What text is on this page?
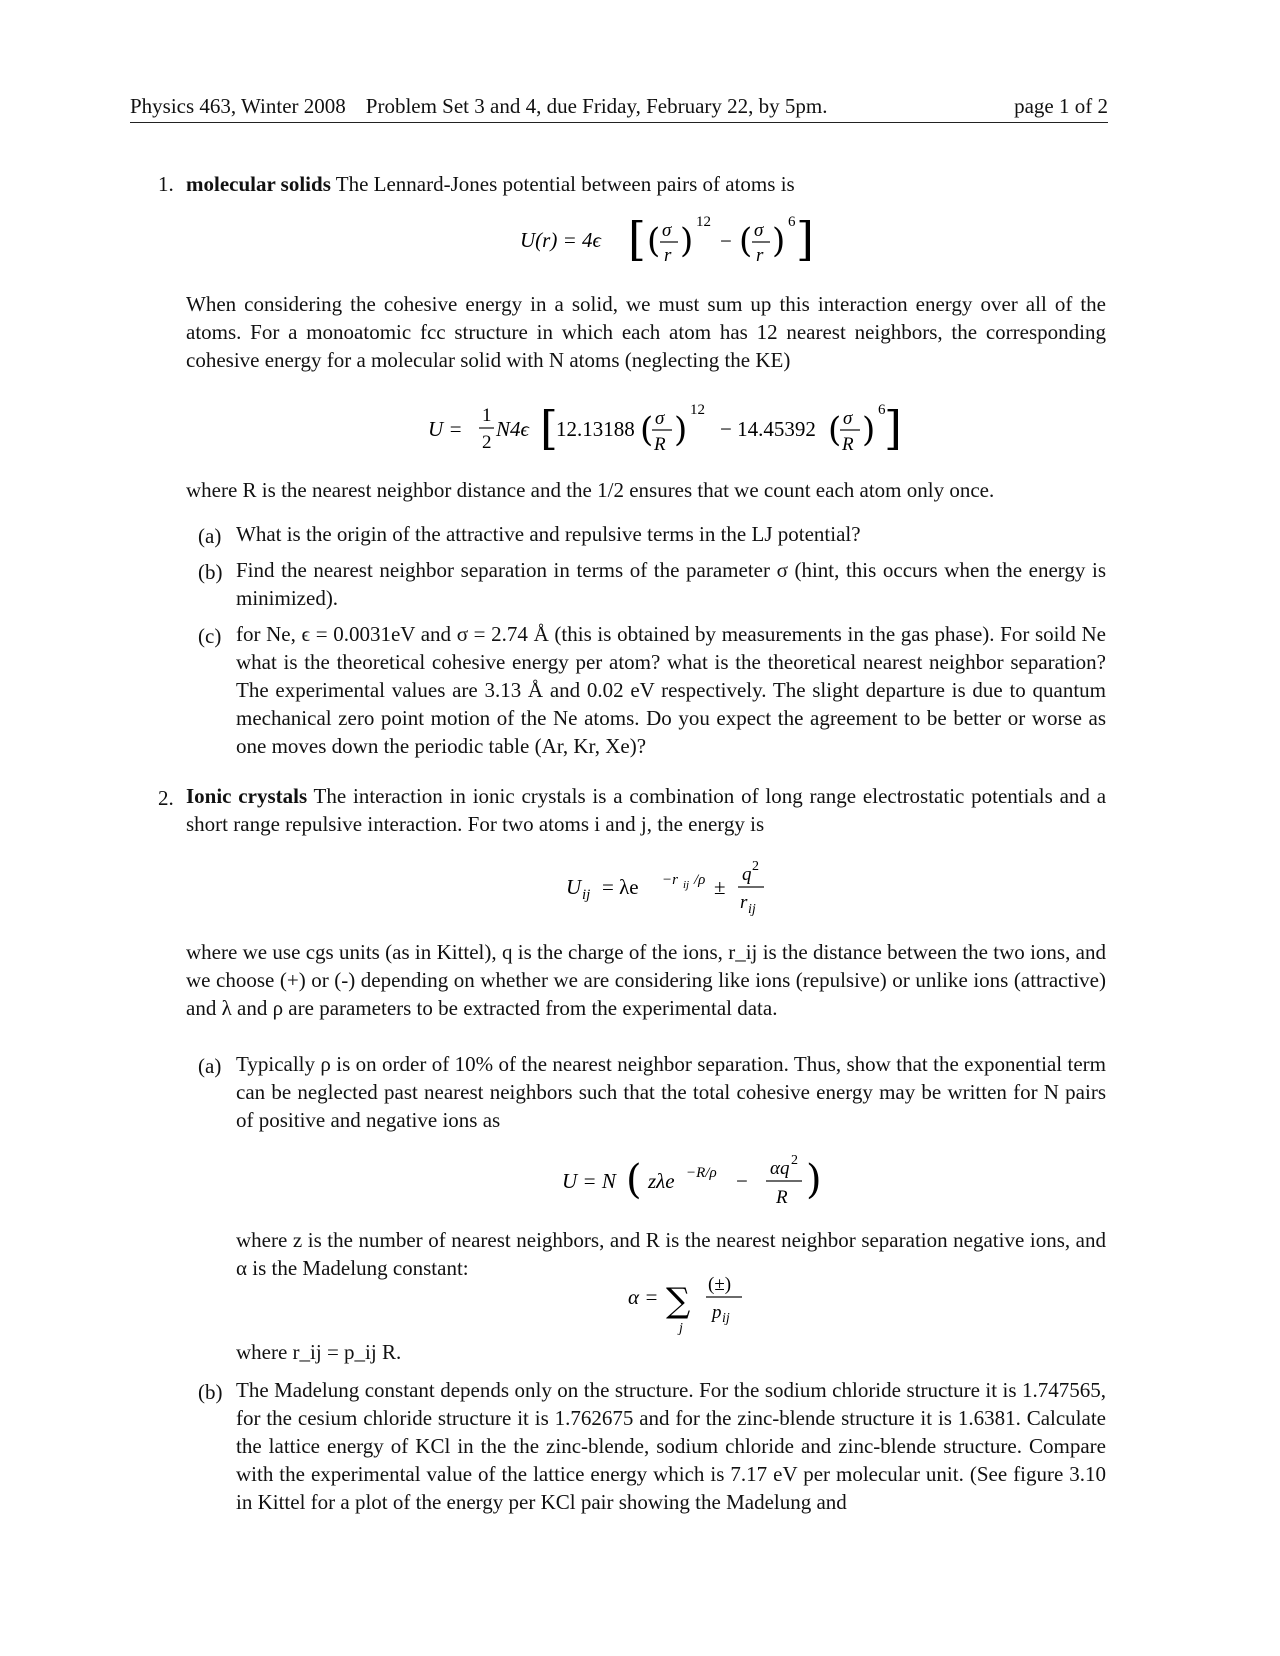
Physics 463, Winter 2008 Problem Set 3 and 4, due Friday, February 22, by 5pm.	page 1 of 2
1. molecular solids The Lennard-Jones potential between pairs of atoms is
U(r) = 4ϵ [ ( σ
r ) 12
− ( σ
r ) 6 ]
When considering the cohesive energy in a solid, we must sum up this interaction energy over all of the atoms. For a monoatomic fcc structure in which each atom has 12 nearest neighbors, the corresponding cohesive energy for a molecular solid with N atoms (neglecting the KE)
U =
1
2
N4ϵ [
12.13188 ( σ
R ) 12
− 14.45392 ( σ
R ) 6
]
where R is the nearest neighbor distance and the 1/2 ensures that we count each atom only once.
(a) What is the origin of the attractive and repulsive terms in the LJ potential?
(b) Find the nearest neighbor separation in terms of the parameter σ (hint, this occurs when the energy is minimized).
(c) for Ne, ϵ = 0.0031eV and σ = 2.74 Å (this is obtained by measurements in the gas phase). For soild Ne what is the theoretical cohesive energy per atom? what is the theoretical nearest neighbor separation? The experimental values are 3.13 Å and 0.02 eV respectively. The slight departure is due to quantum mechanical zero point motion of the Ne atoms. Do you expect the agreement to be better or worse as one moves down the periodic table (Ar, Kr, Xe)?
2. Ionic crystals The interaction in ionic crystals is a combination of long range electrostatic potentials and a short range repulsive interaction. For two atoms i and j, the energy is
U ij = λe −r ij /ρ ±
q 2
r ij
where we use cgs units (as in Kittel), q is the charge of the ions, r_ij is the distance between the two ions, and we choose (+) or (-) depending on whether we are considering like ions (repulsive) or unlike ions (attractive) and λ and ρ are parameters to be extracted from the experimental data.
(a) Typically ρ is on order of 10% of the nearest neighbor separation. Thus, show that the exponential term can be neglected past nearest neighbors such that the total cohesive energy may be written for N pairs of positive and negative ions as
U = N ( zλe −R/ρ −
αq 2
R )
where z is the number of nearest neighbors, and R is the nearest neighbor separation negative ions, and α is the Madelung constant:
α = ∑
j
(±)
p ij
where r_ij = p_ij R.
(b) The Madelung constant depends only on the structure. For the sodium chloride structure it is 1.747565, for the cesium chloride structure it is 1.762675 and for the zinc-blende structure it is 1.6381. Calculate the lattice energy of KCl in the the zinc-blende, sodium chloride and zinc-blende structure. Compare with the experimental value of the lattice energy which is 7.17 eV per molecular unit. (See figure 3.10 in Kittel for a plot of the energy per KCl pair showing the Madelung and
